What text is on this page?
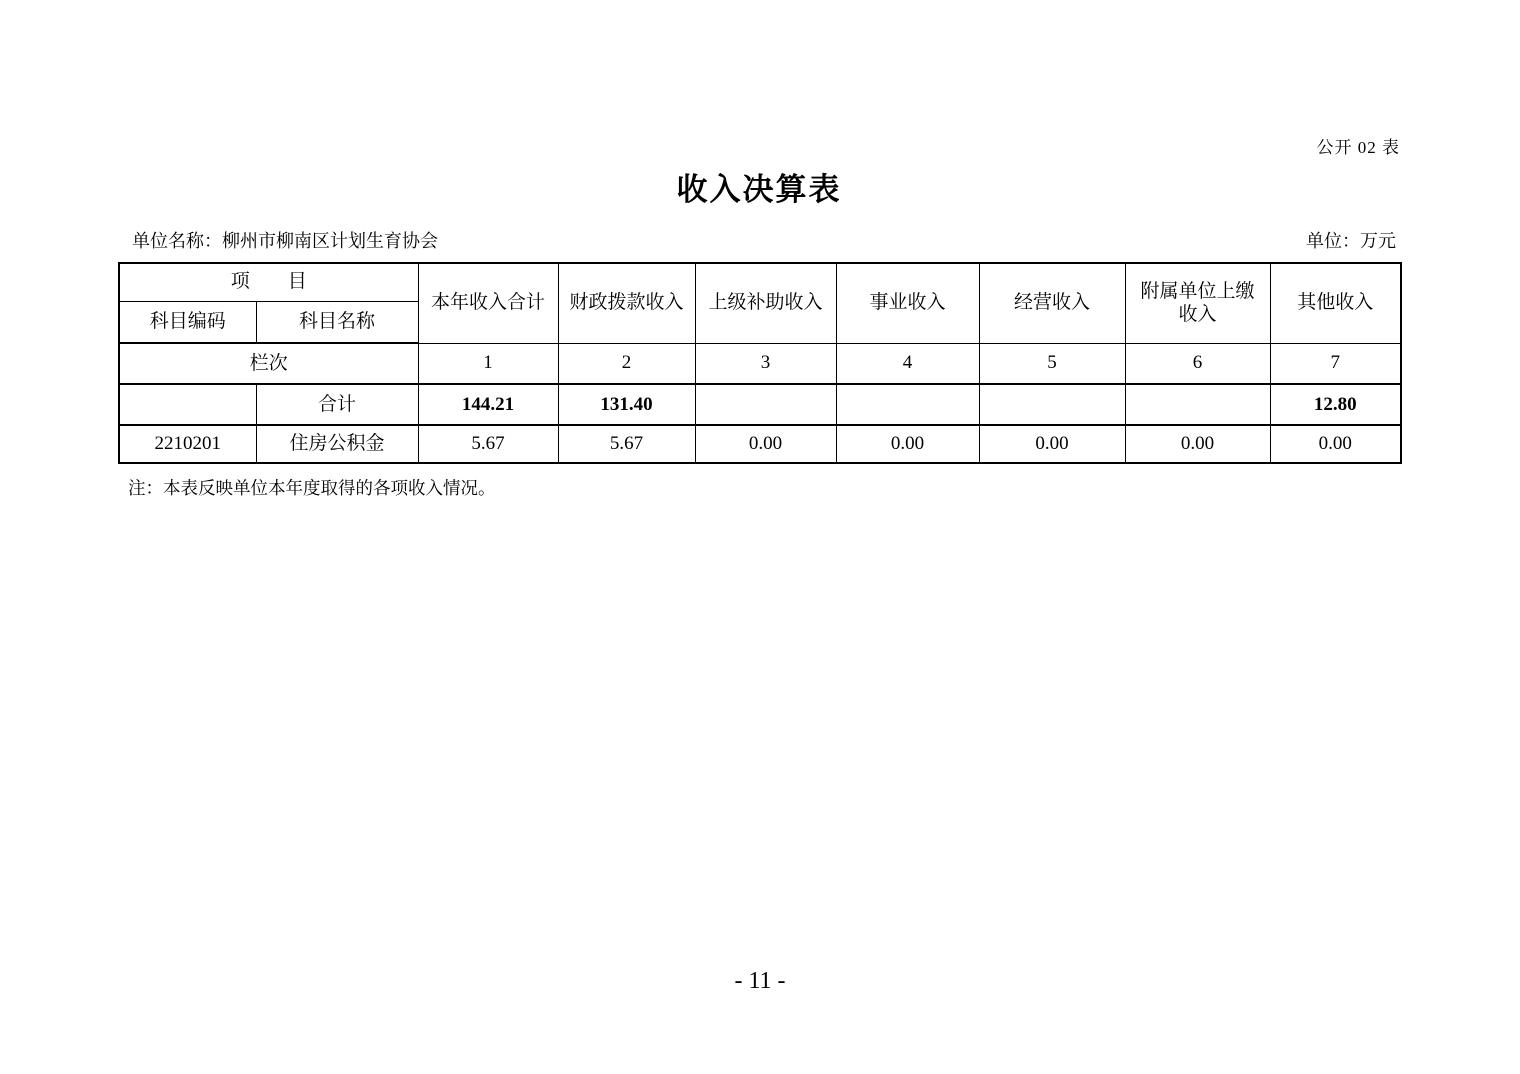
公开 02 表
收入决算表
单位名称：柳州市柳南区计划生育协会	单位：万元
项　　目		本年收入合计	财政拨款收入	上级补助收入	事业收入	经营收入	附属单位上缴收入	其他收入
科目编码	科目名称							
栏次		1	2	3	4	5	6	7
	合计	144.21	131.40					12.80
2210201	住房公积金	5.67	5.67	0.00	0.00	0.00	0.00	0.00
注：本表反映单位本年度取得的各项收入情况。
- 11 -
